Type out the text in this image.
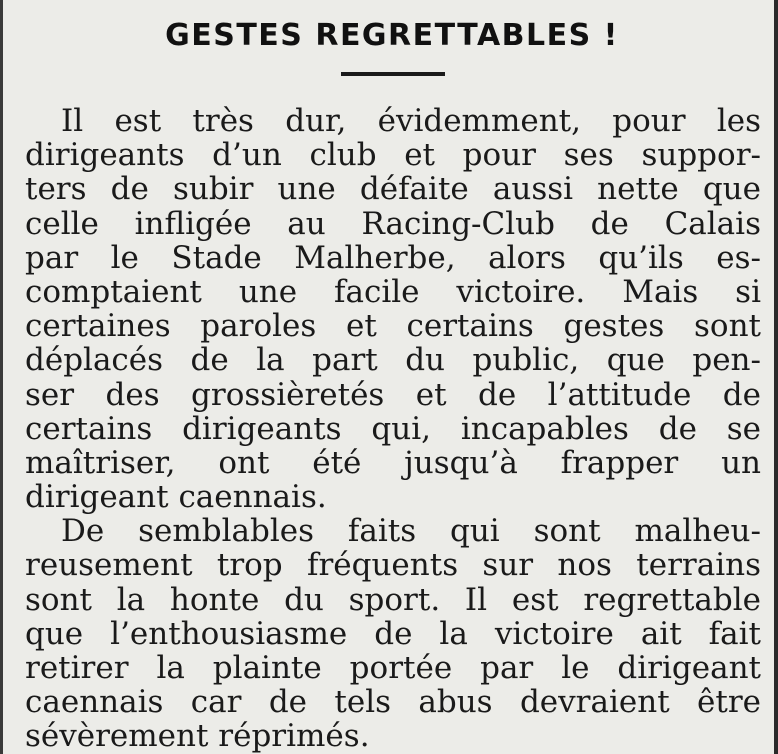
GESTES REGRETTABLES !
Il est très dur, évidemment, pour les
dirigeants d’un club et pour ses suppor-
ters de subir une défaite aussi nette que
celle infligée au Racing-Club de Calais
par le Stade Malherbe, alors qu’ils es-
comptaient une facile victoire. Mais si
certaines paroles et certains gestes sont
déplacés de la part du public, que pen-
ser des grossièretés et de l’attitude de
certains dirigeants qui, incapables de se
maîtriser, ont été jusqu’à frapper un
dirigeant caennais.
De semblables faits qui sont malheu-
reusement trop fréquents sur nos terrains
sont la honte du sport. Il est regrettable
que l’enthousiasme de la victoire ait fait
retirer la plainte portée par le dirigeant
caennais car de tels abus devraient être
sévèrement réprimés.
